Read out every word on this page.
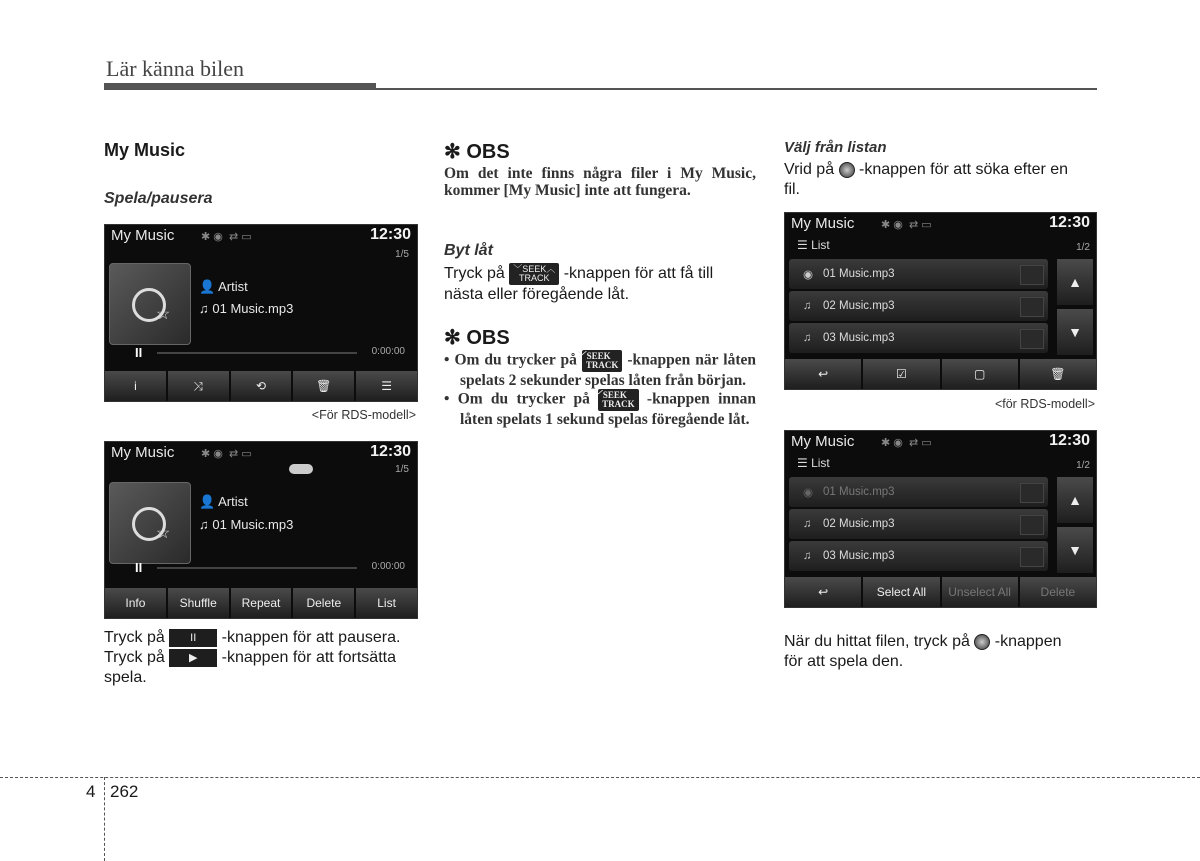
Lär känna bilen
My Music
Spela/pausera
My Music ✱ ◉  ⇄ ▭	12:30
1/5
☆
👤 Artist
♫ 01 Music.mp3
II	0:00:00
i	⤨	⟲	🗑	☰
<För RDS-modell>
My Music ✱ ◉  ⇄ ▭	12:30
1/5
☆
👤 Artist
♫ 01 Music.mp3
II	0:00:00
Info	Shuffle	Repeat	Delete	List
Tryck på II -knappen för att pausera.
Tryck på ▶ -knappen för att fortsätta
spela.
✻ OBS
Om det inte finns några filer i My Music, kommer [My Music] inte att fungera.
Byt låt
Tryck på ﹀SEEK︿
TRACK -knappen för att få till
nästa eller föregående låt.
✻ OBS
• Om du trycker på ﹀SEEK
TRACK -knappen när låten spelats 2 sekunder spelas låten från början.
• Om du trycker på ﹀SEEK
TRACK -knappen innan låten spelats 1 sekund spelas föregående låt.
Välj från listan
Vrid på -knappen för att söka efter en
fil.
My Music ✱ ◉  ⇄ ▭	12:30
☰ List	1/2
◉ 01 Music.mp3
♫ 02 Music.mp3
♫ 03 Music.mp3
▲
▼
↩	☑	▢	🗑
<för RDS-modell>
My Music ✱ ◉  ⇄ ▭	12:30
☰ List	1/2
◉ 01 Music.mp3
♫ 02 Music.mp3
♫ 03 Music.mp3
▲
▼
↩	Select All	Unselect All	Delete
När du hittat filen, tryck på -knappen
för att spela den.
4 262
